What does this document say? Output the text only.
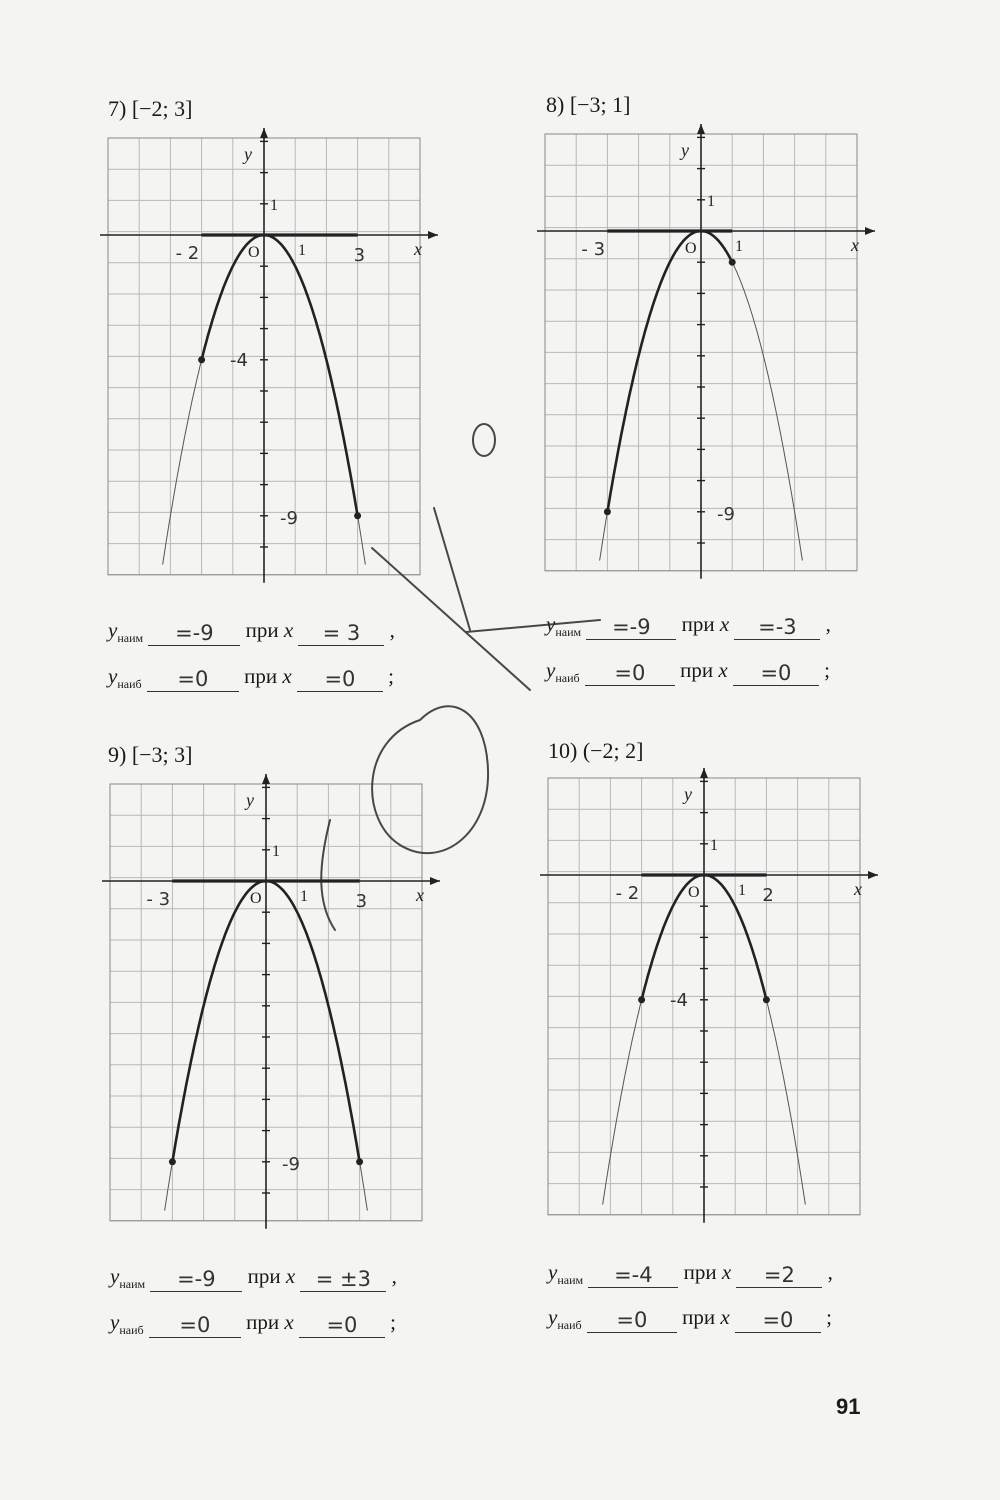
7) [−2; 3]
x
y
O 1
1
- 2	3
-4
-9
$y_{наим} =-9$ при x = 3 ,
$y_{наиб} =0$ при x =0 ;
8) [−3; 1]
x
y
O 1
1
- 3
-9
$y_{наим} =-9$ при x =-3 ,
$y_{наиб} =0$ при x =0 ;
9) [−3; 3]
x
y
O 1
1
- 3	3
-9
$y_{наим} =-9$ при x = ±3 ,
$y_{наиб} =0$ при x =0 ;
10) (−2; 2]
x
y
O 1
1
- 2	2
-4
$y_{наим} =-4$ при x =2 ,
$y_{наиб} =0$ при x =0 ;
91
